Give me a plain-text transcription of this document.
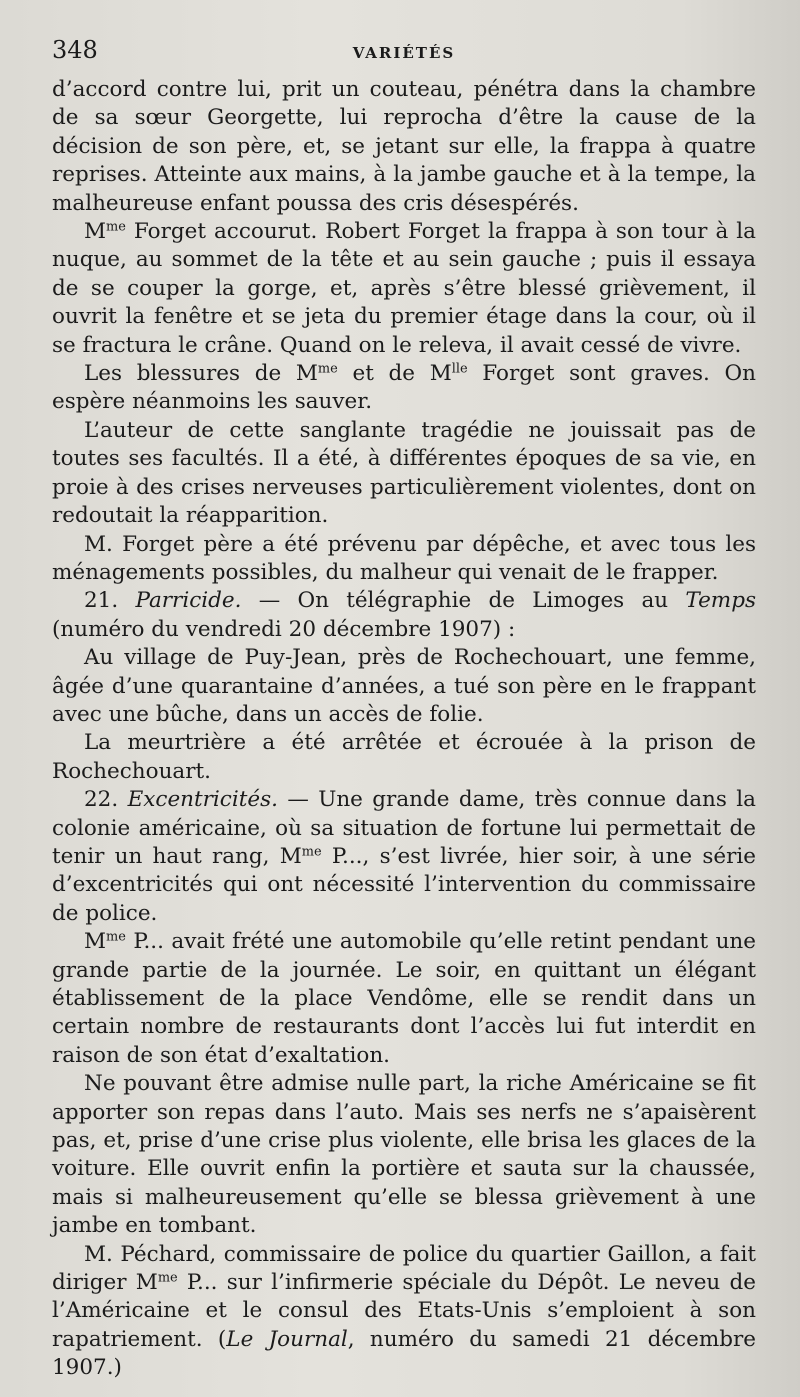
348	VARIÉTÉS

d’accord contre lui, prit un couteau, pénétra dans la chambre de sa sœur Georgette, lui reprocha d’être la cause de la décision de son père, et, se jetant sur elle, la frappa à quatre reprises. Atteinte aux mains, à la jambe gauche et à la tempe, la malheureuse enfant poussa des cris désespérés.

$M^{me}$ Forget accourut. Robert Forget la frappa à son tour à la nuque, au sommet de la tête et au sein gauche ; puis il essaya de se couper la gorge, et, après s’être blessé grièvement, il ouvrit la fenêtre et se jeta du premier étage dans la cour, où il se fractura le crâne. Quand on le releva, il avait cessé de vivre.

Les blessures de $M^{me}$ et de $M^{lle}$ Forget sont graves. On espère néanmoins les sauver.

L’auteur de cette sanglante tragédie ne jouissait pas de toutes ses facultés. Il a été, à différentes époques de sa vie, en proie à des crises nerveuses particulièrement violentes, dont on redoutait la réapparition.

M. Forget père a été prévenu par dépêche, et avec tous les ménagements possibles, du malheur qui venait de le frapper.

21. Parricide. — On télégraphie de Limoges au Temps (numéro du vendredi 20 décembre 1907) :

Au village de Puy-Jean, près de Rochechouart, une femme, âgée d’une quarantaine d’années, a tué son père en le frappant avec une bûche, dans un accès de folie.

La meurtrière a été arrêtée et écrouée à la prison de Rochechouart.

22. Excentricités. — Une grande dame, très connue dans la colonie américaine, où sa situation de fortune lui permettait de tenir un haut rang, $M^{me}$ P..., s’est livrée, hier soir, à une série d’excentricités qui ont nécessité l’intervention du commissaire de police.

$M^{me}$ P... avait frété une automobile qu’elle retint pendant une grande partie de la journée. Le soir, en quittant un élégant établissement de la place Vendôme, elle se rendit dans un certain nombre de restaurants dont l’accès lui fut interdit en raison de son état d’exaltation.

Ne pouvant être admise nulle part, la riche Américaine se fit apporter son repas dans l’auto. Mais ses nerfs ne s’apaisèrent pas, et, prise d’une crise plus violente, elle brisa les glaces de la voiture. Elle ouvrit enfin la portière et sauta sur la chaussée, mais si malheureusement qu’elle se blessa grièvement à une jambe en tombant.

M. Péchard, commissaire de police du quartier Gaillon, a fait diriger $M^{me}$ P... sur l’infirmerie spéciale du Dépôt. Le neveu de l’Américaine et le consul des Etats-Unis s’emploient à son rapatriement. (Le Journal, numéro du samedi 21 décembre 1907.)
